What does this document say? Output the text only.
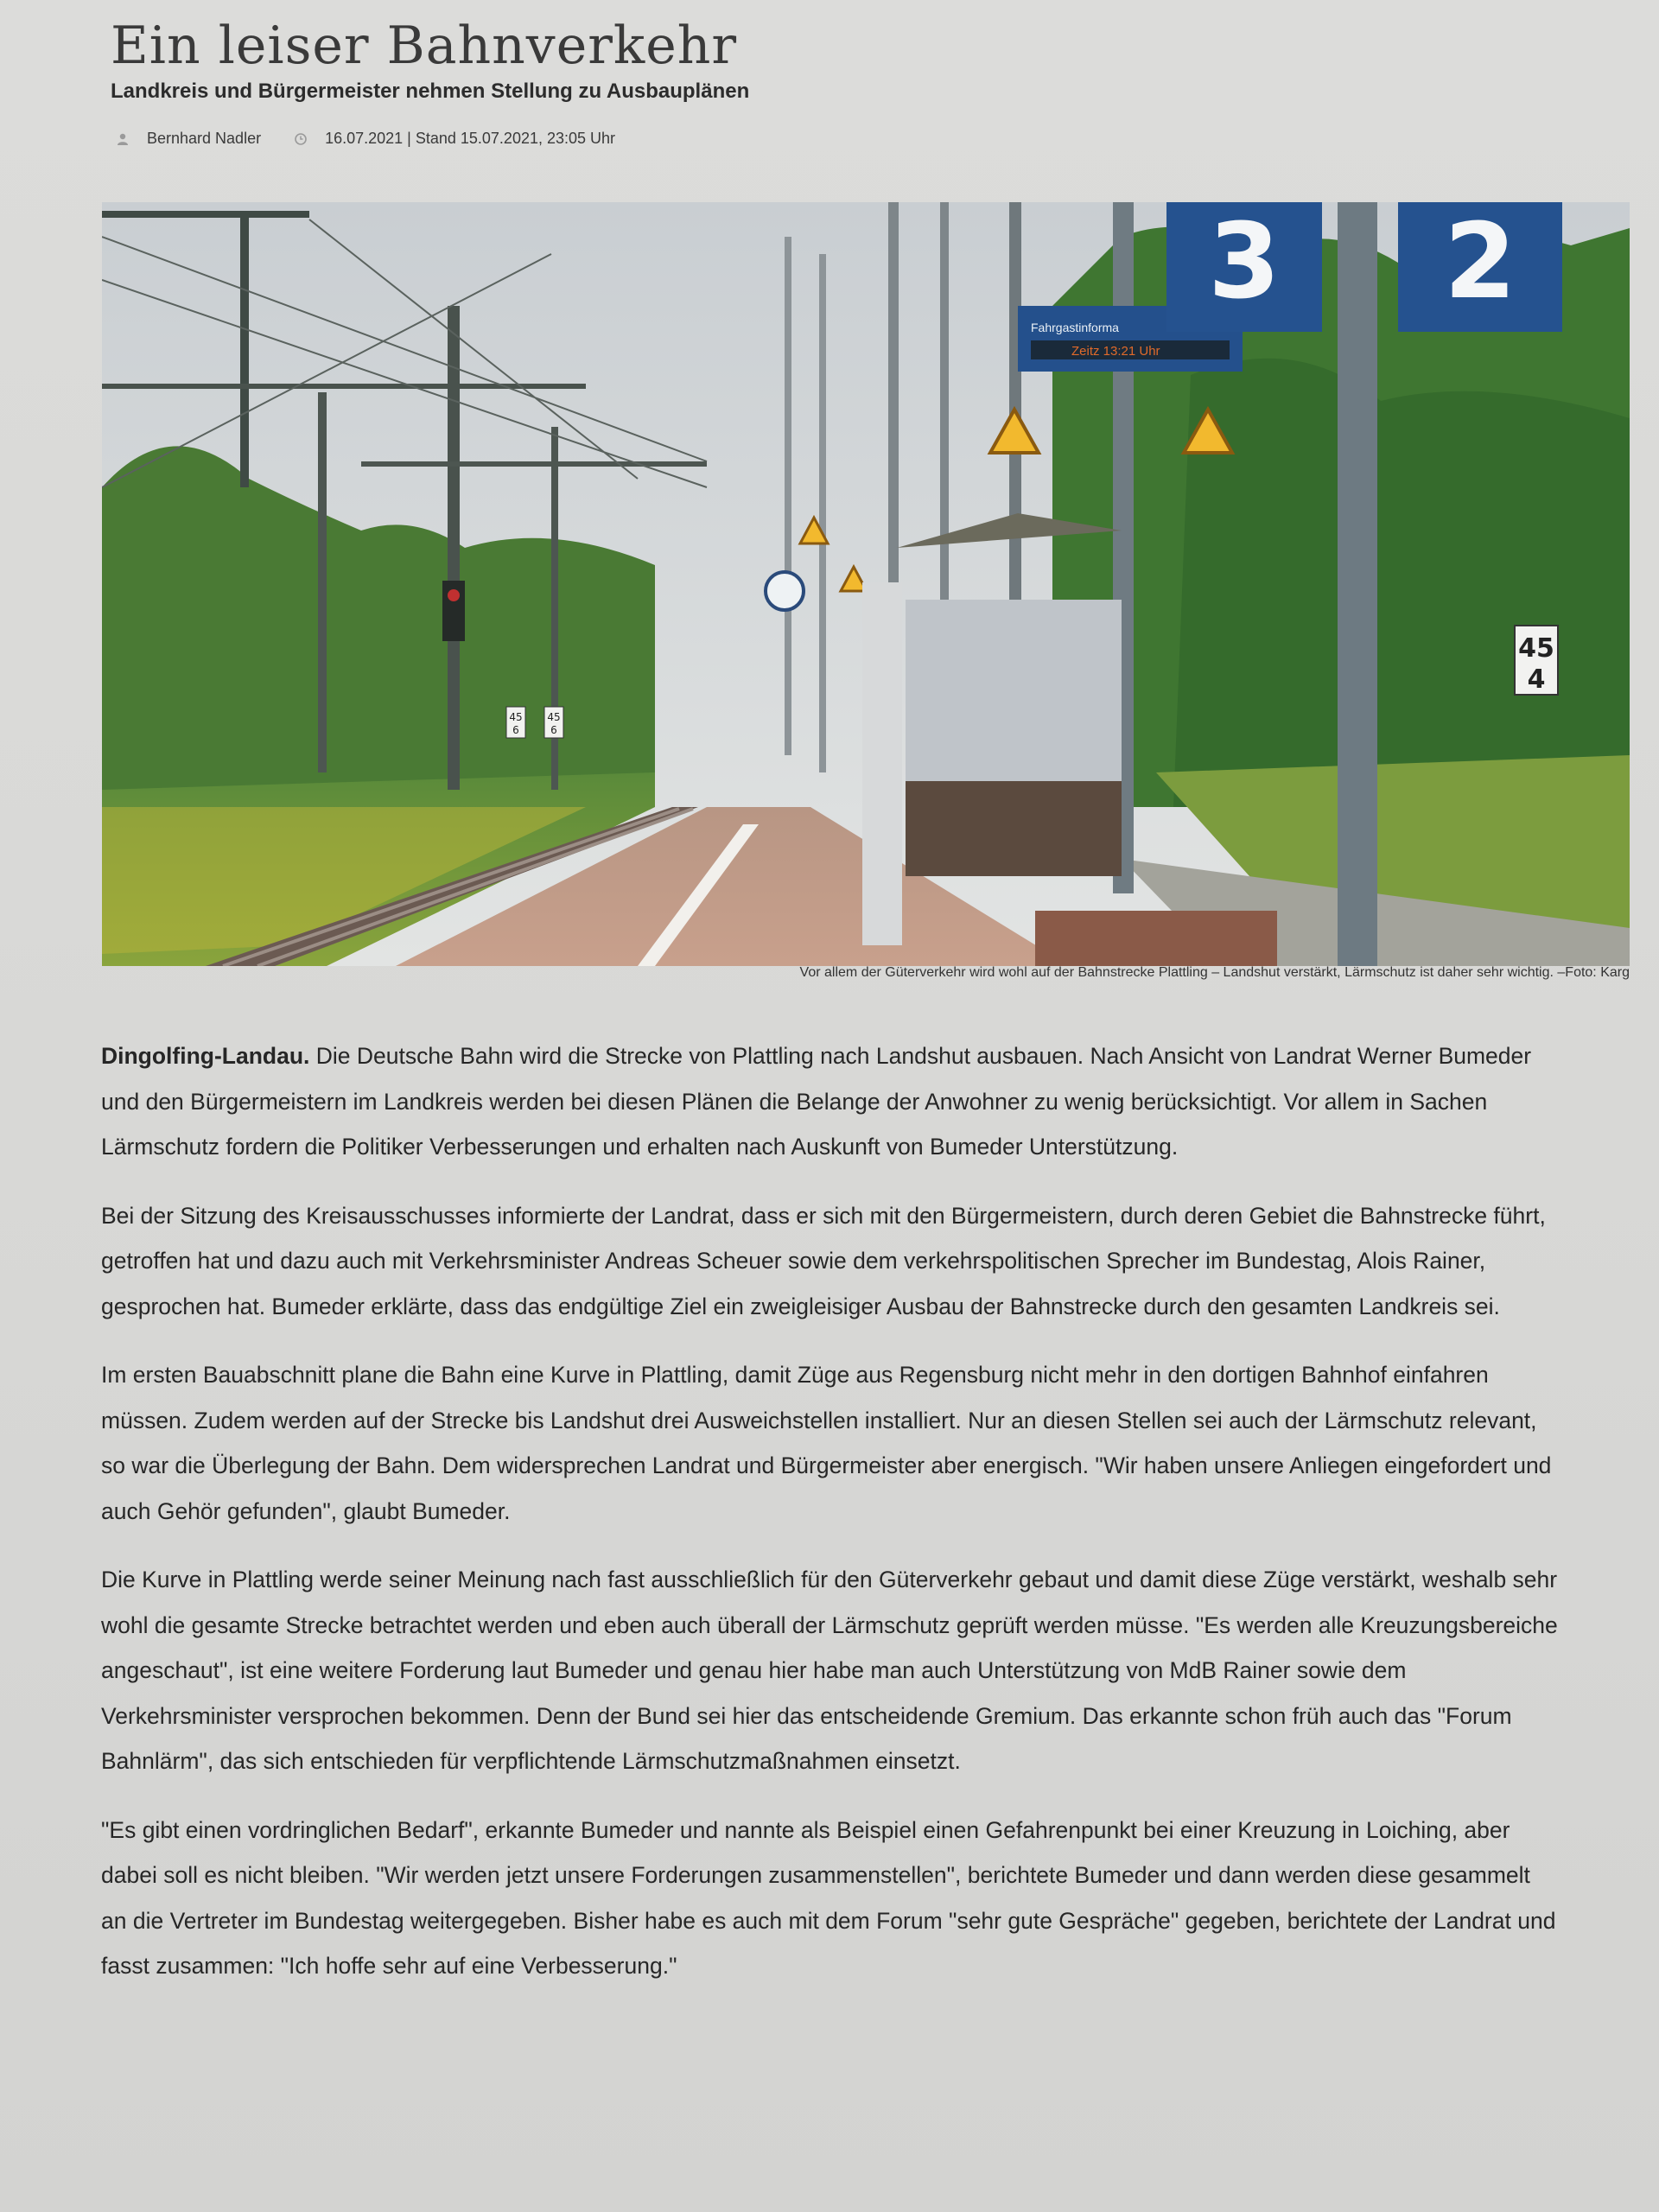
Ein leiser Bahnverkehr
Landkreis und Bürgermeister nehmen Stellung zu Ausbauplänen
Bernhard Nadler	16.07.2021 | Stand 15.07.2021, 23:05 Uhr
Fahrgastinforma
Zeitz 13:21 Uhr
3 2
45
4
45
6
45
6
Vor allem der Güterverkehr wird wohl auf der Bahnstrecke Plattling – Landshut verstärkt, Lärmschutz ist daher sehr wichtig. –Foto: Karg

Dingolfing-Landau. Die Deutsche Bahn wird die Strecke von Plattling nach Landshut ausbauen. Nach Ansicht von Landrat Werner Bumeder und den Bürgermeistern im Landkreis werden bei diesen Plänen die Belange der Anwohner zu wenig berücksichtigt. Vor allem in Sachen Lärmschutz fordern die Politiker Verbesserungen und erhalten nach Auskunft von Bumeder Unterstützung.

Bei der Sitzung des Kreisausschusses informierte der Landrat, dass er sich mit den Bürgermeistern, durch deren Gebiet die Bahnstrecke führt, getroffen hat und dazu auch mit Verkehrsminister Andreas Scheuer sowie dem verkehrspolitischen Sprecher im Bundestag, Alois Rainer, gesprochen hat. Bumeder erklärte, dass das endgültige Ziel ein zweigleisiger Ausbau der Bahnstrecke durch den gesamten Landkreis sei.

Im ersten Bauabschnitt plane die Bahn eine Kurve in Plattling, damit Züge aus Regensburg nicht mehr in den dortigen Bahnhof einfahren müssen. Zudem werden auf der Strecke bis Landshut drei Ausweichstellen installiert. Nur an diesen Stellen sei auch der Lärmschutz relevant, so war die Überlegung der Bahn. Dem widersprechen Landrat und Bürgermeister aber energisch. "Wir haben unsere Anliegen eingefordert und auch Gehör gefunden", glaubt Bumeder.

Die Kurve in Plattling werde seiner Meinung nach fast ausschließlich für den Güterverkehr gebaut und damit diese Züge verstärkt, weshalb sehr wohl die gesamte Strecke betrachtet werden und eben auch überall der Lärmschutz geprüft werden müsse. "Es werden alle Kreuzungsbereiche angeschaut", ist eine weitere Forderung laut Bumeder und genau hier habe man auch Unterstützung von MdB Rainer sowie dem Verkehrsminister versprochen bekommen. Denn der Bund sei hier das entscheidende Gremium. Das erkannte schon früh auch das "Forum Bahnlärm", das sich entschieden für verpflichtende Lärmschutzmaßnahmen einsetzt.

"Es gibt einen vordringlichen Bedarf", erkannte Bumeder und nannte als Beispiel einen Gefahrenpunkt bei einer Kreuzung in Loiching, aber dabei soll es nicht bleiben. "Wir werden jetzt unsere Forderungen zusammenstellen", berichtete Bumeder und dann werden diese gesammelt an die Vertreter im Bundestag weitergegeben. Bisher habe es auch mit dem Forum "sehr gute Gespräche" gegeben, berichtete der Landrat und fasst zusammen: "Ich hoffe sehr auf eine Verbesserung."
